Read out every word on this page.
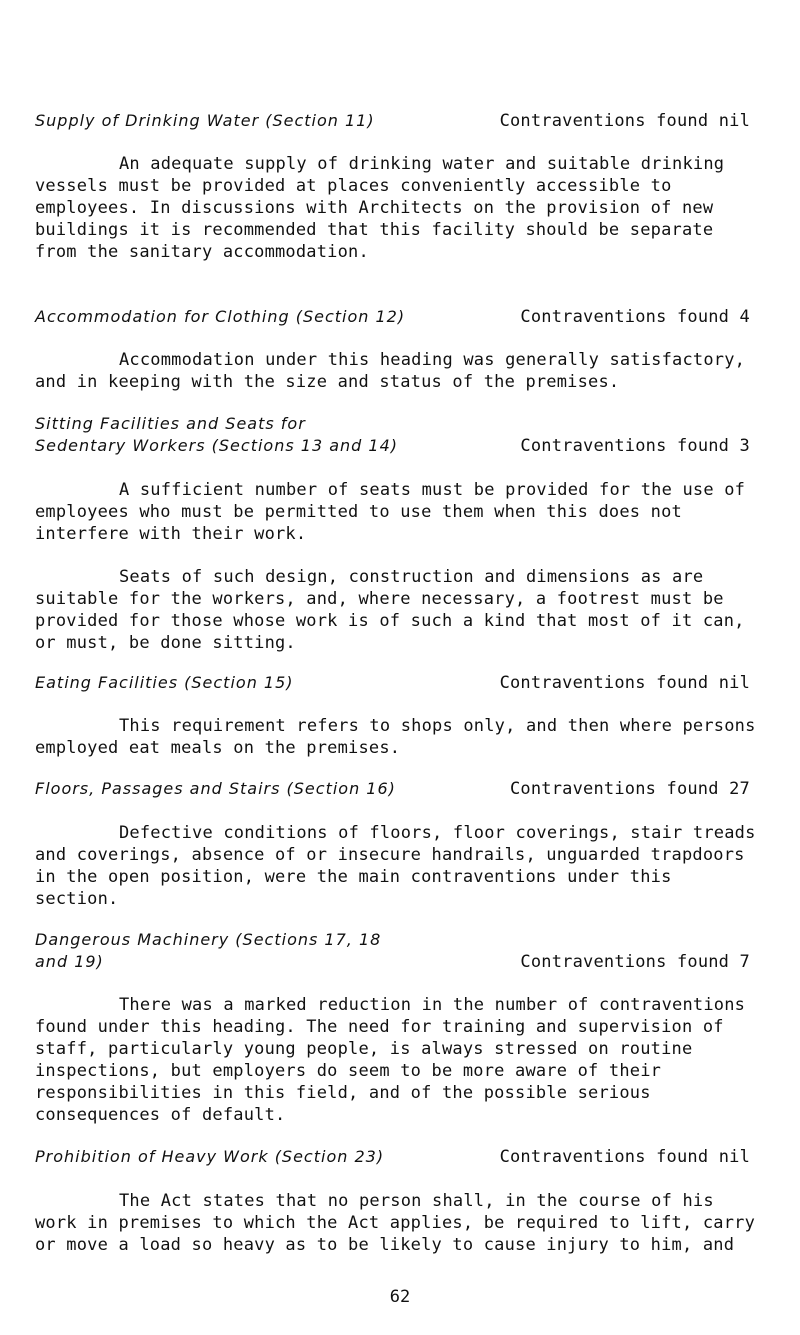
Supply of Drinking Water (Section 11)	Contraventions found nil

An adequate supply of drinking water and suitable drinking vessels must be provided at places conveniently accessible to employees. In discussions with Architects on the provision of new buildings it is recommended that this facility should be separate from the sanitary accommodation.

Accommodation for Clothing (Section 12)	Contraventions found 4

Accommodation under this heading was generally satisfactory, and in keeping with the size and status of the premises.

Sitting Facilities and Seats for
Sedentary Workers (Sections 13 and 14)	Contraventions found 3

A sufficient number of seats must be provided for the use of employees who must be permitted to use them when this does not interfere with their work.

Seats of such design, construction and dimensions as are suitable for the workers, and, where necessary, a footrest must be provided for those whose work is of such a kind that most of it can, or must, be done sitting.

Eating Facilities (Section 15)	Contraventions found nil

This requirement refers to shops only, and then where persons employed eat meals on the premises.

Floors, Passages and Stairs (Section 16)	Contraventions found 27

Defective conditions of floors, floor coverings, stair treads and coverings, absence of or insecure handrails, unguarded trapdoors in the open position, were the main contraventions under this section.

Dangerous Machinery (Sections 17, 18
and 19)	Contraventions found 7

There was a marked reduction in the number of contraventions found under this heading. The need for training and supervision of staff, particularly young people, is always stressed on routine inspections, but employers do seem to be more aware of their responsibilities in this field, and of the possible serious consequences of default.

Prohibition of Heavy Work (Section 23)	Contraventions found nil

The Act states that no person shall, in the course of his work in premises to which the Act applies, be required to lift, carry or move a load so heavy as to be likely to cause injury to him, and

62
